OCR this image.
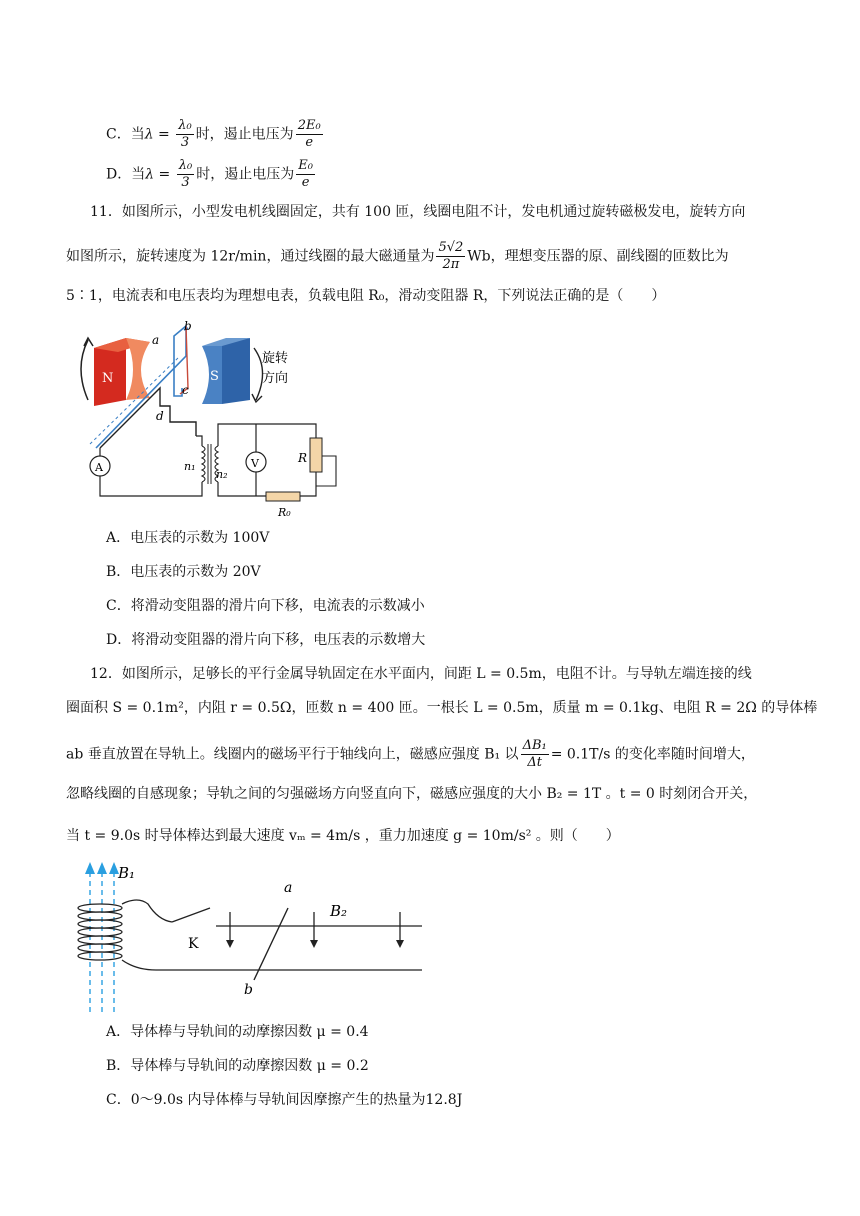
C．当$\lambda = \frac{\text{λ₀}}{3}$ 时，遏止电压为 $\frac{\text{2E₀}}{e}$
D．当$\lambda = \frac{\text{λ₀}}{3}$ 时，遏止电压为 $\frac{\text{E₀}}{e}$
11．如图所示，小型发电机线圈固定，共有 100 匝，线圈电阻不计，发电机通过旋转磁极发电，旋转方向
如图所示，旋转速度为 12r/min，通过线圈的最大磁通量为 $\frac{5√2}{2\pi}$ Wb，理想变压器的原、副线圈的匝数比为
5∶1，电流表和电压表均为理想电表，负载电阻 R₀，滑动变阻器 R，下列说法正确的是（　　）
N
a
b
c
d
S
旋转
方向
A	n₁
n₂
V	R
R₀
A．电压表的示数为 100V
B．电压表的示数为 20V
C．将滑动变阻器的滑片向下移，电流表的示数减小
D．将滑动变阻器的滑片向下移，电压表的示数增大
12．如图所示，足够长的平行金属导轨固定在水平面内，间距 L = 0.5m，电阻不计。与导轨左端连接的线
圈面积 S = 0.1m²，内阻 r = 0.5Ω，匝数 n = 400 匝。一根长 L = 0.5m，质量 m = 0.1kg、电阻 R = 2Ω 的导体棒
ab 垂直放置在导轨上。线圈内的磁场平行于轴线向上，磁感应强度 B₁ 以 $\frac{\text{ΔB₁}}{\Delta t} = 0.1T/s$ 的变化率随时间增大，
忽略线圈的自感现象；导轨之间的匀强磁场方向竖直向下，磁感应强度的大小 B₂ = 1T 。t = 0 时刻闭合开关，
当 t = 9.0s 时导体棒达到最大速度 vₘ = 4m/s ，重力加速度 g = 10m/s² 。则（　　）
B₁
K
a
b
B₂
A．导体棒与导轨间的动摩擦因数 μ = 0.4
B．导体棒与导轨间的动摩擦因数 μ = 0.2
C．0～9.0s 内导体棒与导轨间因摩擦产生的热量为12.8J
